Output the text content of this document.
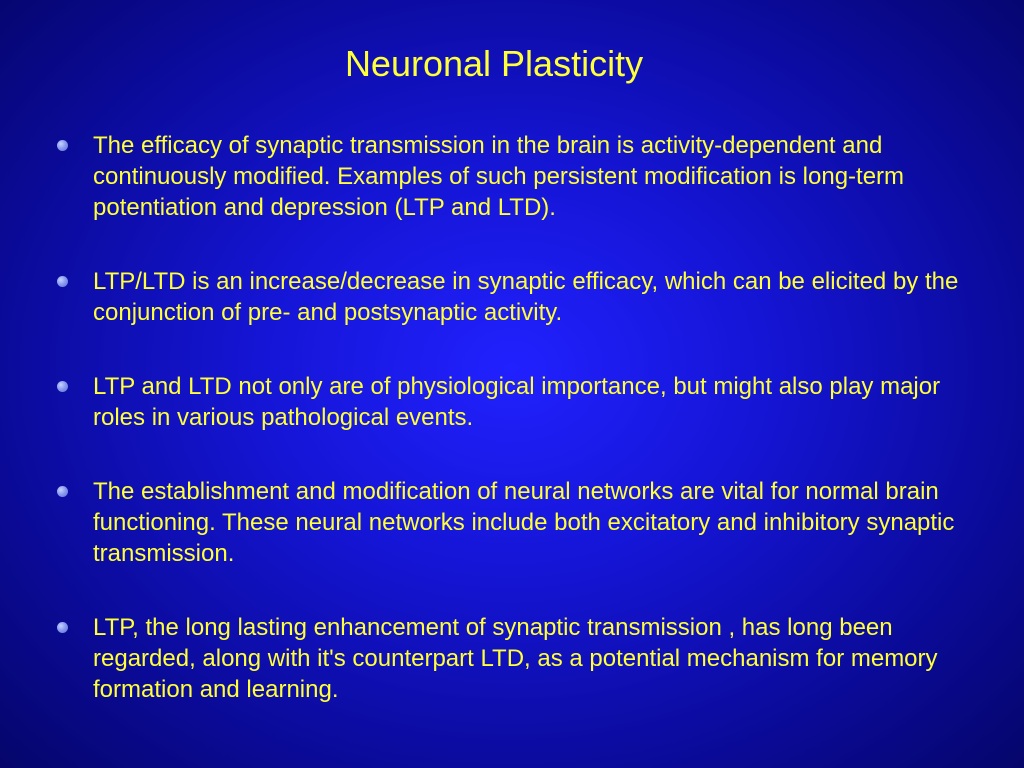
Neuronal Plasticity
The efficacy of synaptic transmission in the brain is activity-dependent and continuously modified. Examples of such persistent modification is long-term potentiation and depression (LTP and LTD).
LTP/LTD is an increase/decrease in synaptic efficacy, which can be elicited by the conjunction of pre- and postsynaptic activity.
LTP and LTD not only are of physiological importance, but might also play major roles in various pathological events.
The establishment and modification of neural networks are vital for normal brain functioning. These neural networks include both excitatory and inhibitory synaptic transmission.
LTP, the long lasting enhancement of synaptic transmission , has long been regarded, along with it's counterpart LTD, as a potential mechanism for memory formation and learning.
